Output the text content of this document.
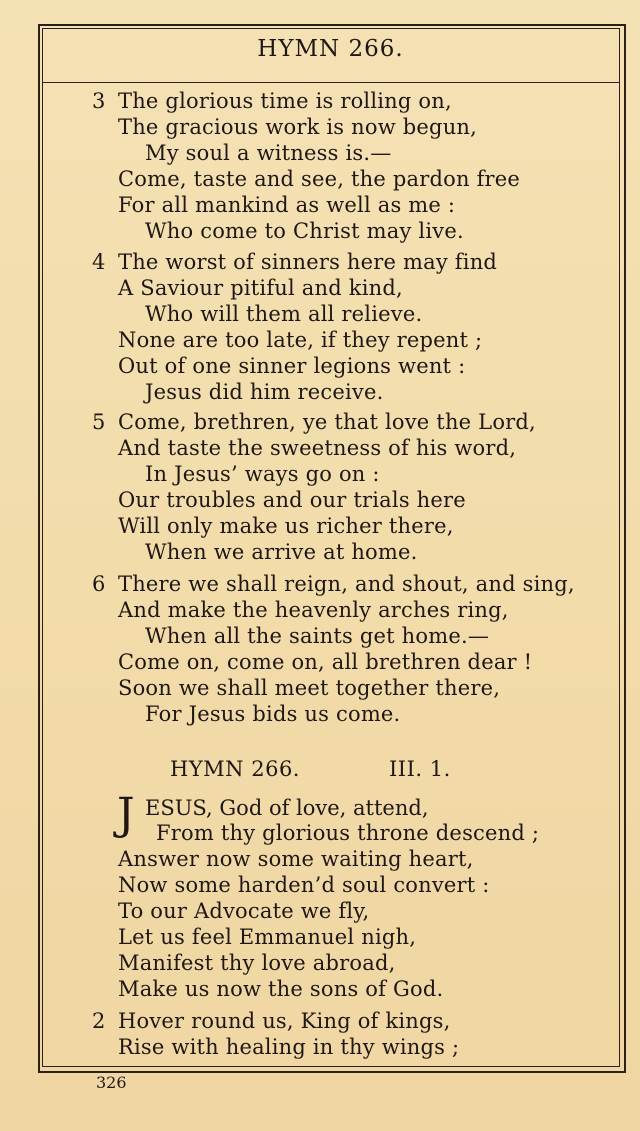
HYMN 266.
3 The glorious time is rolling on,
The gracious work is now begun,
My soul a witness is.—
Come, taste and see, the pardon free
For all mankind as well as me :
Who come to Christ may live.
4 The worst of sinners here may find
A Saviour pitiful and kind,
Who will them all relieve.
None are too late, if they repent ;
Out of one sinner legions went :
Jesus did him receive.
5 Come, brethren, ye that love the Lord,
And taste the sweetness of his word,
In Jesus’ ways go on :
Our troubles and our trials here
Will only make us richer there,
When we arrive at home.
6 There we shall reign, and shout, and sing,
And make the heavenly arches ring,
When all the saints get home.—
Come on, come on, all brethren dear !
Soon we shall meet together there,
For Jesus bids us come.
HYMN 266.	III. 1.
J ESUS, God of love, attend,
From thy glorious throne descend ;
Answer now some waiting heart,
Now some harden’d soul convert :
To our Advocate we fly,
Let us feel Emmanuel nigh,
Manifest thy love abroad,
Make us now the sons of God.
2 Hover round us, King of kings,
Rise with healing in thy wings ;
326
